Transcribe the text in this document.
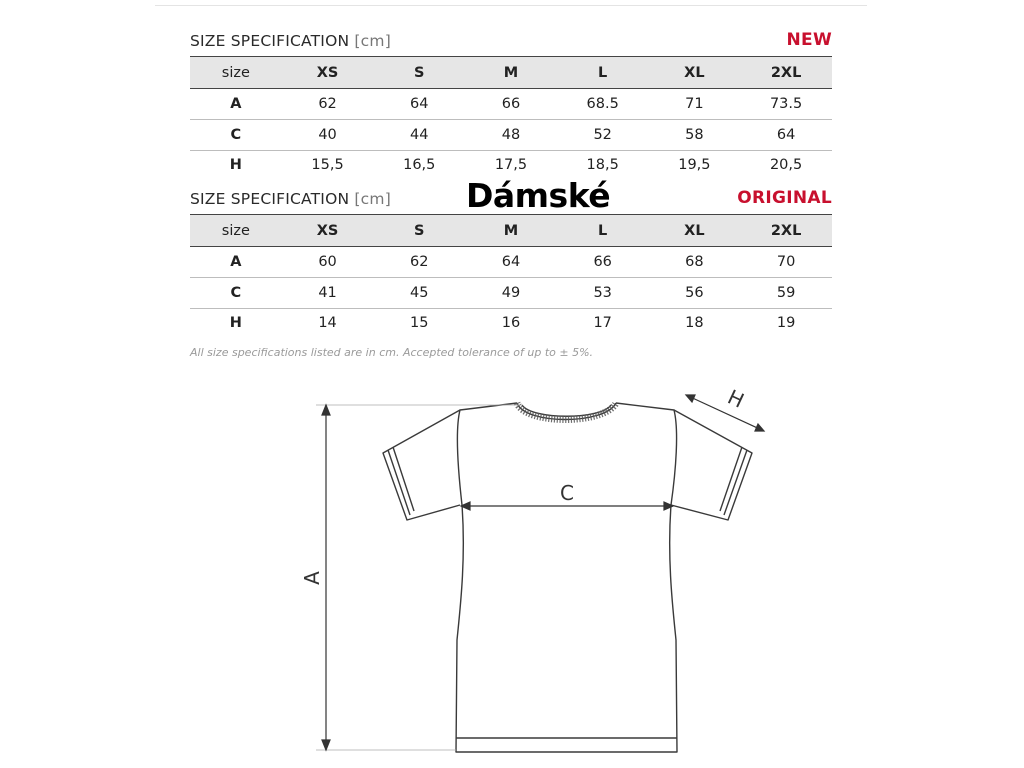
SIZE SPECIFICATION [cm]	NEW
size	XS	S	M	L	XL	2XL
A	62	64	66	68.5	71	73.5
C	40	44	48	52	58	64
H	15,5	16,5	17,5	18,5	19,5	20,5
SIZE SPECIFICATION [cm]	ORIGINAL
size	XS	S	M	L	XL	2XL
A	60	62	64	66	68	70
C	41	45	49	53	56	59
H	14	15	16	17	18	19
Dámské
All size specifications listed are in cm. Accepted tolerance of up to ± 5%.
A
C
H
